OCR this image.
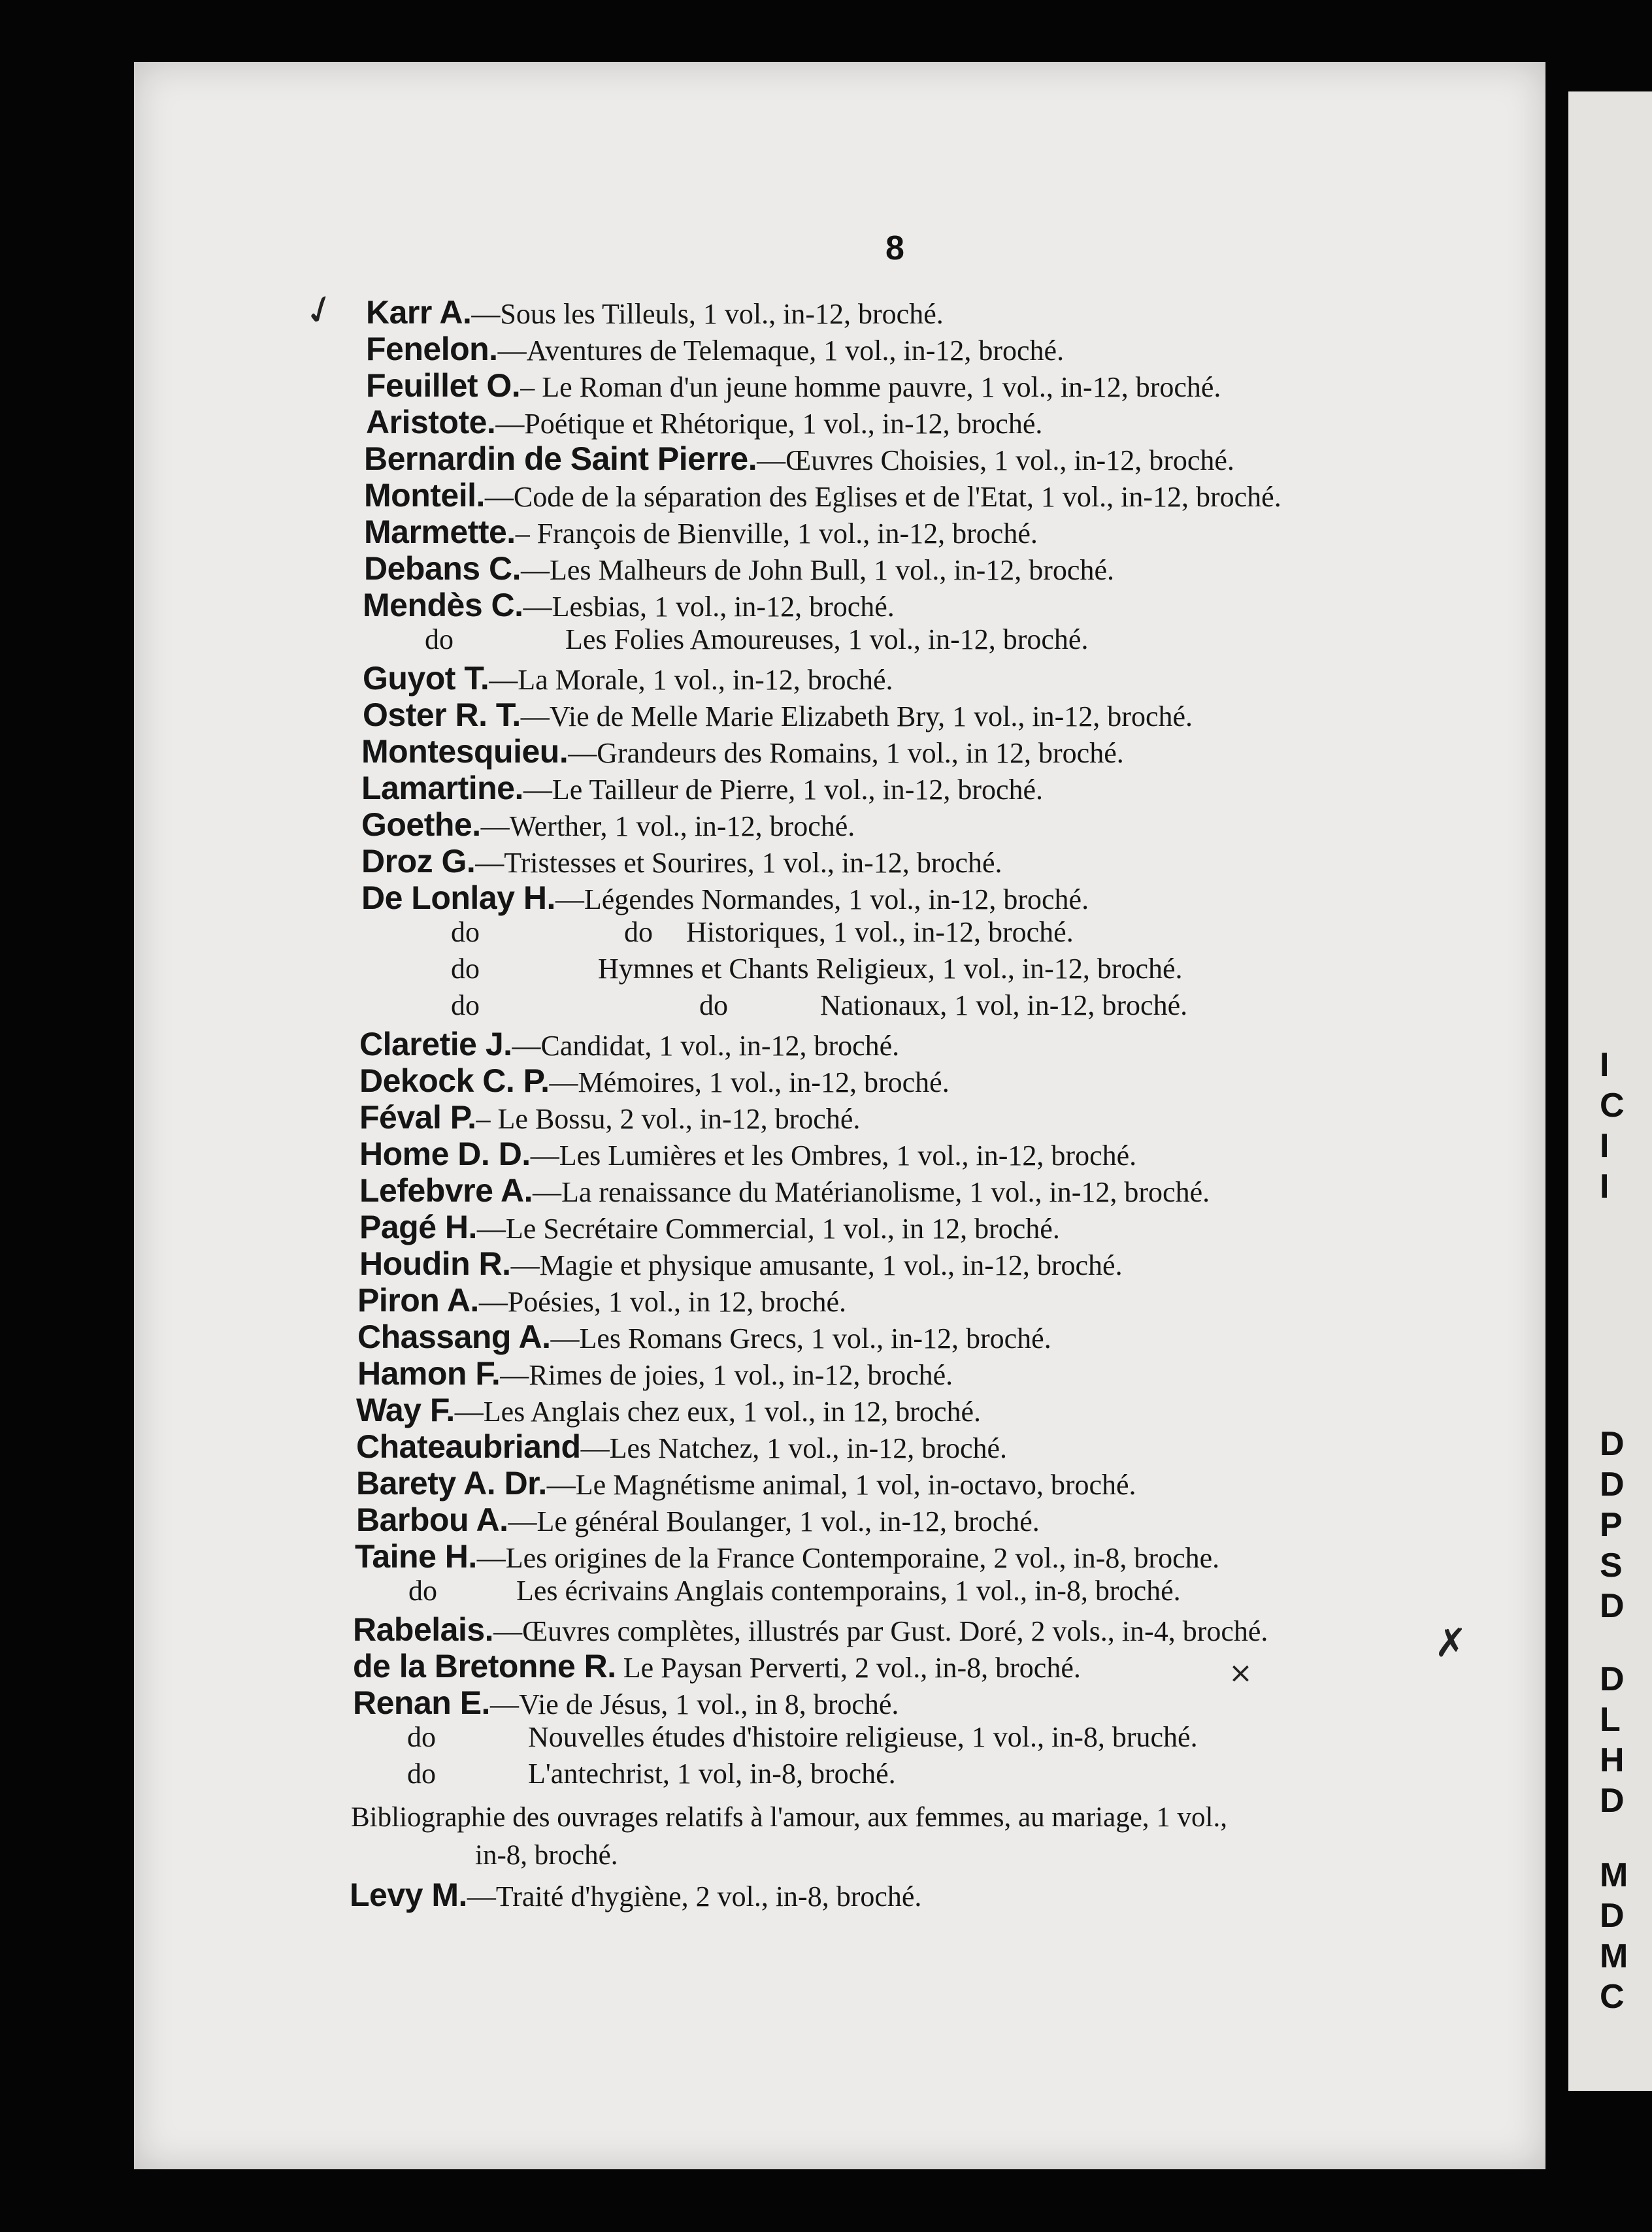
8
Karr A.—Sous les Tilleuls, 1 vol., in-12, broché.
Fenelon.—Aventures de Telemaque, 1 vol., in-12, broché.
Feuillet O.– Le Roman d'un jeune homme pauvre, 1 vol., in-12, broché.
Aristote.—Poétique et Rhétorique, 1 vol., in-12, broché.
Bernardin de Saint Pierre.—Œuvres Choisies, 1 vol., in-12, broché.
Monteil.—Code de la séparation des Eglises et de l'Etat, 1 vol., in-12, broché.
Marmette.– François de Bienville, 1 vol., in-12, broché.
Debans C.—Les Malheurs de John Bull, 1 vol., in-12, broché.
Mendès C.—Lesbias, 1 vol., in-12, broché.
do	Les Folies Amoureuses, 1 vol., in-12, broché.
Guyot T.—La Morale, 1 vol., in-12, broché.
Oster R. T.—Vie de Melle Marie Elizabeth Bry, 1 vol., in-12, broché.
Montesquieu.—Grandeurs des Romains, 1 vol., in 12, broché.
Lamartine.—Le Tailleur de Pierre, 1 vol., in-12, broché.
Goethe.—Werther, 1 vol., in-12, broché.
Droz G.—Tristesses et Sourires, 1 vol., in-12, broché.
De Lonlay H.—Légendes Normandes, 1 vol., in-12, broché.
do	do Historiques, 1 vol., in-12, broché.
do	Hymnes et Chants Religieux, 1 vol., in-12, broché.
do	do	Nationaux, 1 vol, in-12, broché.
Claretie J.—Candidat, 1 vol., in-12, broché.
Dekock C. P.—Mémoires, 1 vol., in-12, broché.
Féval P.– Le Bossu, 2 vol., in-12, broché.
Home D. D.—Les Lumières et les Ombres, 1 vol., in-12, broché.
Lefebvre A.—La renaissance du Matérianolisme, 1 vol., in-12, broché.
Pagé H.—Le Secrétaire Commercial, 1 vol., in 12, broché.
Houdin R.—Magie et physique amusante, 1 vol., in-12, broché.
Piron A.—Poésies, 1 vol., in 12, broché.
Chassang A.—Les Romans Grecs, 1 vol., in-12, broché.
Hamon F.—Rimes de joies, 1 vol., in-12, broché.
Way F.—Les Anglais chez eux, 1 vol., in 12, broché.
Chateaubriand—Les Natchez, 1 vol., in-12, broché.
Barety A. Dr.—Le Magnétisme animal, 1 vol, in-octavo, broché.
Barbou A.—Le général Boulanger, 1 vol., in-12, broché.
Taine H.—Les origines de la France Contemporaine, 2 vol., in-8, broche.
do	Les écrivains Anglais contemporains, 1 vol., in-8, broché.
Rabelais.—Œuvres complètes, illustrés par Gust. Doré, 2 vols., in-4, broché.
de la Bretonne R. Le Paysan Perverti, 2 vol., in-8, broché.
Renan E.—Vie de Jésus, 1 vol., in 8, broché.
do	Nouvelles études d'histoire religieuse, 1 vol., in-8, bruché.
do	L'antechrist, 1 vol, in-8, broché.
Bibliographie des ouvrages relatifs à l'amour, aux femmes, au mariage, 1 vol.,
in-8, broché.
Levy M.—Traité d'hygiène, 2 vol., in-8, broché.
✓
✗
×
I
C
I
I
D
D
P
S
D
D
L
H
D
M
D
M
C
